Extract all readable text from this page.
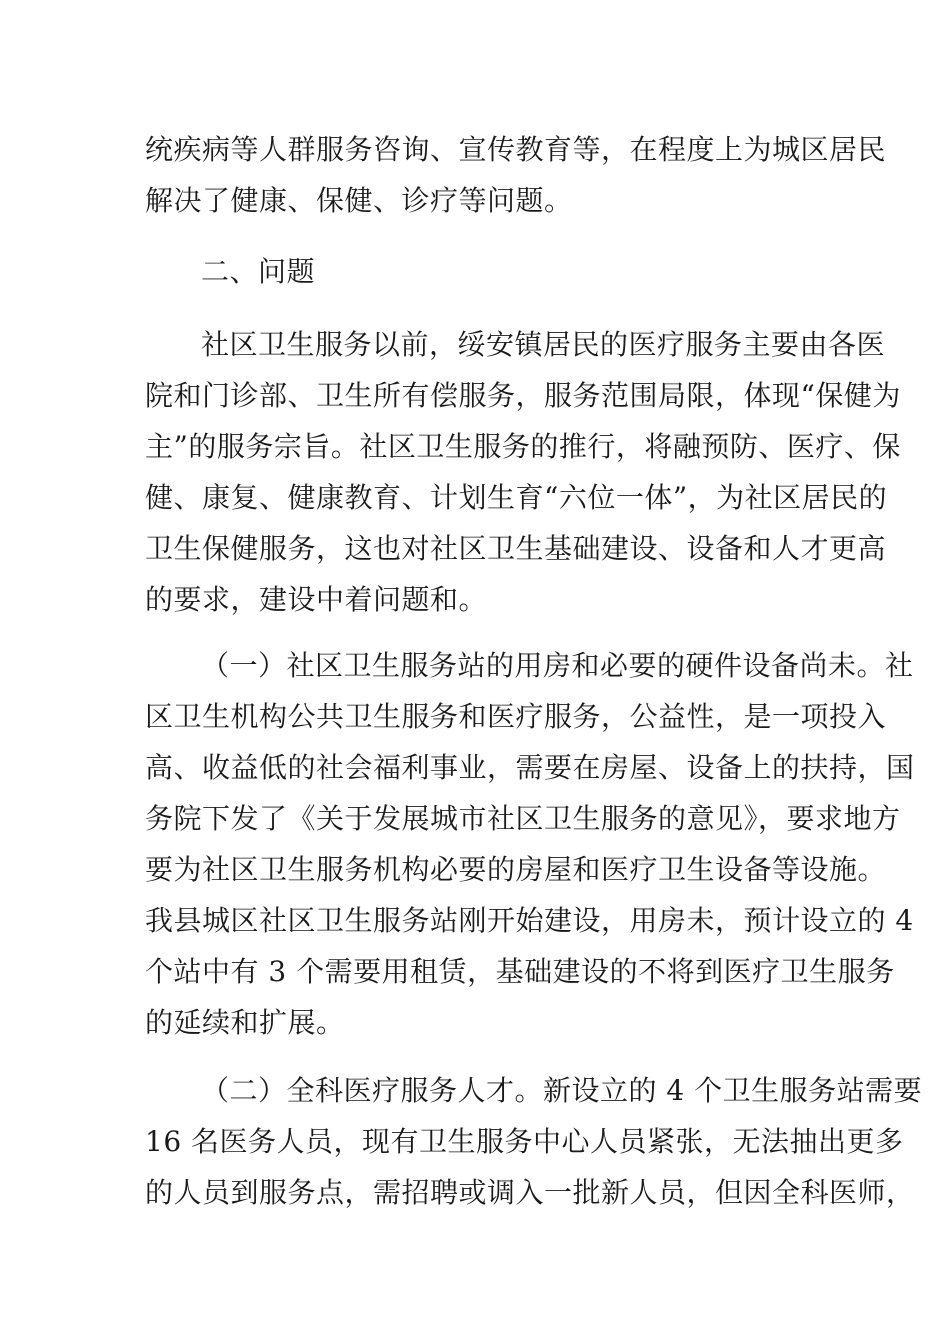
统疾病等人群服务咨询、宣传教育等，在程度上为城区居民
解决了健康、保健、诊疗等问题。

二、问题

社区卫生服务以前，绥安镇居民的医疗服务主要由各医
院和门诊部、卫生所有偿服务，服务范围局限，体现“保健为
主”的服务宗旨。社区卫生服务的推行，将融预防、医疗、保
健、康复、健康教育、计划生育“六位一体”，为社区居民的
卫生保健服务，这也对社区卫生基础建设、设备和人才更高
的要求，建设中着问题和。

（一）社区卫生服务站的用房和必要的硬件设备尚未。社
区卫生机构公共卫生服务和医疗服务，公益性，是一项投入
高、收益低的社会福利事业，需要在房屋、设备上的扶持，国
务院下发了《关于发展城市社区卫生服务的意见》，要求地方
要为社区卫生服务机构必要的房屋和医疗卫生设备等设施。
我县城区社区卫生服务站刚开始建设，用房未，预计设立的 4
个站中有 3 个需要用租赁，基础建设的不将到医疗卫生服务
的延续和扩展。

（二）全科医疗服务人才。新设立的 4 个卫生服务站需要
16 名医务人员，现有卫生服务中心人员紧张，无法抽出更多
的人员到服务点，需招聘或调入一批新人员，但因全科医师，
